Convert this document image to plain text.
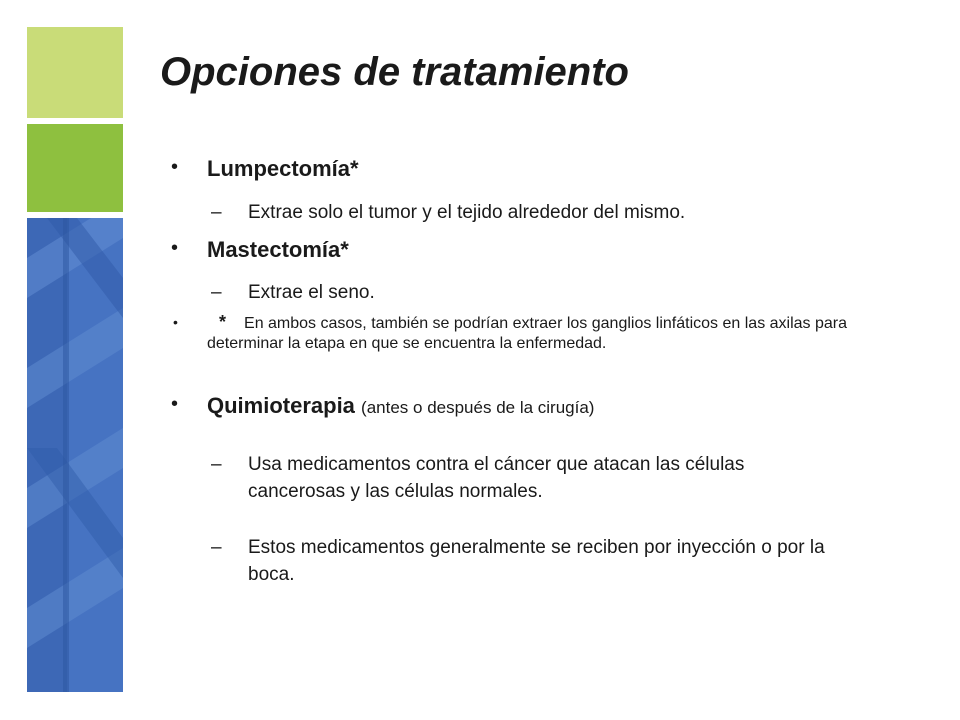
Opciones de tratamiento
• Lumpectomía*
– Extrae solo el tumor y el tejido alrededor del mismo.
• Mastectomía*
– Extrae el seno.
• * En ambos casos, también se podrían extraer los ganglios linfáticos en las axilas para determinar la etapa en que se encuentra la enfermedad.
• Quimioterapia (antes o después de la cirugía)
– Usa medicamentos contra el cáncer que atacan las células cancerosas y las células normales.
– Estos medicamentos generalmente se reciben por inyección o por la boca.
